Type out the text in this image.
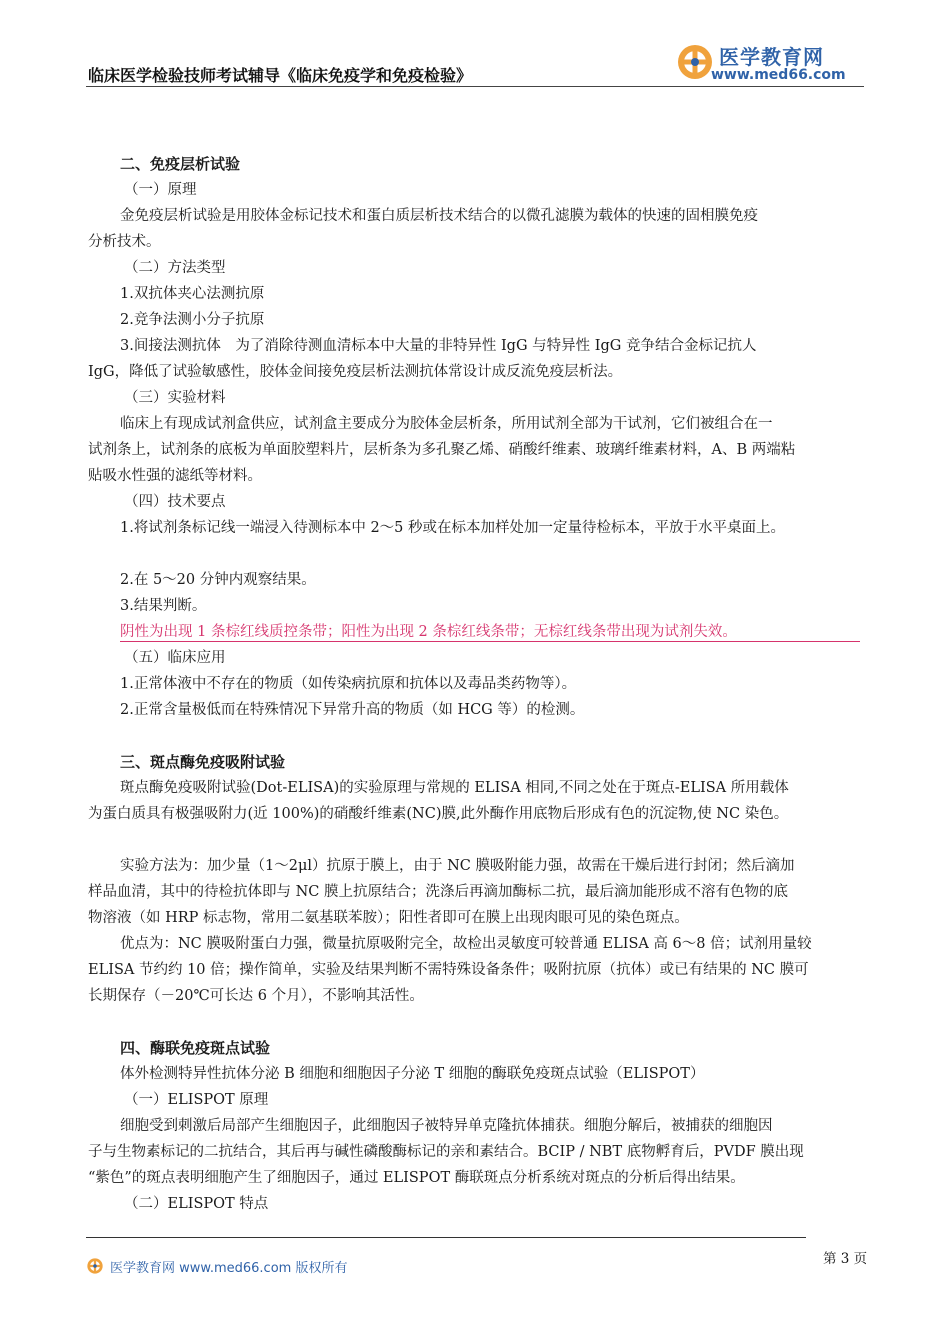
临床医学检验技师考试辅导《临床免疫学和免疫检验》
医学教育网
www.med66.com
二、免疫层析试验
（一）原理
金免疫层析试验是用胶体金标记技术和蛋白质层析技术结合的以微孔滤膜为载体的快速的固相膜免疫
分析技术。
（二）方法类型
1.双抗体夹心法测抗原
2.竞争法测小分子抗原
3.间接法测抗体　为了消除待测血清标本中大量的非特异性 IgG 与特异性 IgG 竞争结合金标记抗人
IgG，降低了试验敏感性，胶体金间接免疫层析法测抗体常设计成反流免疫层析法。
（三）实验材料
临床上有现成试剂盒供应，试剂盒主要成分为胶体金层析条，所用试剂全部为干试剂，它们被组合在一
试剂条上，试剂条的底板为单面胶塑料片，层析条为多孔聚乙烯、硝酸纤维素、玻璃纤维素材料，A、B 两端粘
贴吸水性强的滤纸等材料。
（四）技术要点
1.将试剂条标记线一端浸入待测标本中 2～5 秒或在标本加样处加一定量待检标本，平放于水平桌面上。
2.在 5～20 分钟内观察结果。
3.结果判断。
阴性为出现 1 条棕红线质控条带；阳性为出现 2 条棕红线条带；无棕红线条带出现为试剂失效。
（五）临床应用
1.正常体液中不存在的物质（如传染病抗原和抗体以及毒品类药物等）。
2.正常含量极低而在特殊情况下异常升高的物质（如 HCG 等）的检测。
三、斑点酶免疫吸附试验
斑点酶免疫吸附试验(Dot-ELISA)的实验原理与常规的 ELISA 相同,不同之处在于斑点-ELISA 所用载体
为蛋白质具有极强吸附力(近 100%)的硝酸纤维素(NC)膜,此外酶作用底物后形成有色的沉淀物,使 NC 染色。
实验方法为：加少量（1～2μl）抗原于膜上，由于 NC 膜吸附能力强，故需在干燥后进行封闭；然后滴加
样品血清，其中的待检抗体即与 NC 膜上抗原结合；洗涤后再滴加酶标二抗，最后滴加能形成不溶有色物的底
物溶液（如 HRP 标志物，常用二氨基联苯胺）；阳性者即可在膜上出现肉眼可见的染色斑点。
优点为：NC 膜吸附蛋白力强，微量抗原吸附完全，故检出灵敏度可较普通 ELISA 高 6～8 倍；试剂用量较
ELISA 节约约 10 倍；操作简单，实验及结果判断不需特殊设备条件；吸附抗原（抗体）或已有结果的 NC 膜可
长期保存（－20℃可长达 6 个月），不影响其活性。
四、酶联免疫斑点试验
体外检测特异性抗体分泌 B 细胞和细胞因子分泌 T 细胞的酶联免疫斑点试验（ELISPOT）
（一）ELISPOT 原理
细胞受到刺激后局部产生细胞因子，此细胞因子被特异单克隆抗体捕获。细胞分解后，被捕获的细胞因
子与生物素标记的二抗结合，其后再与碱性磷酸酶标记的亲和素结合。BCIP / NBT 底物孵育后，PVDF 膜出现
“紫色”的斑点表明细胞产生了细胞因子，通过 ELISPOT 酶联斑点分析系统对斑点的分析后得出结果。
（二）ELISPOT 特点
第 3 页
医学教育网 www.med66.com 版权所有
